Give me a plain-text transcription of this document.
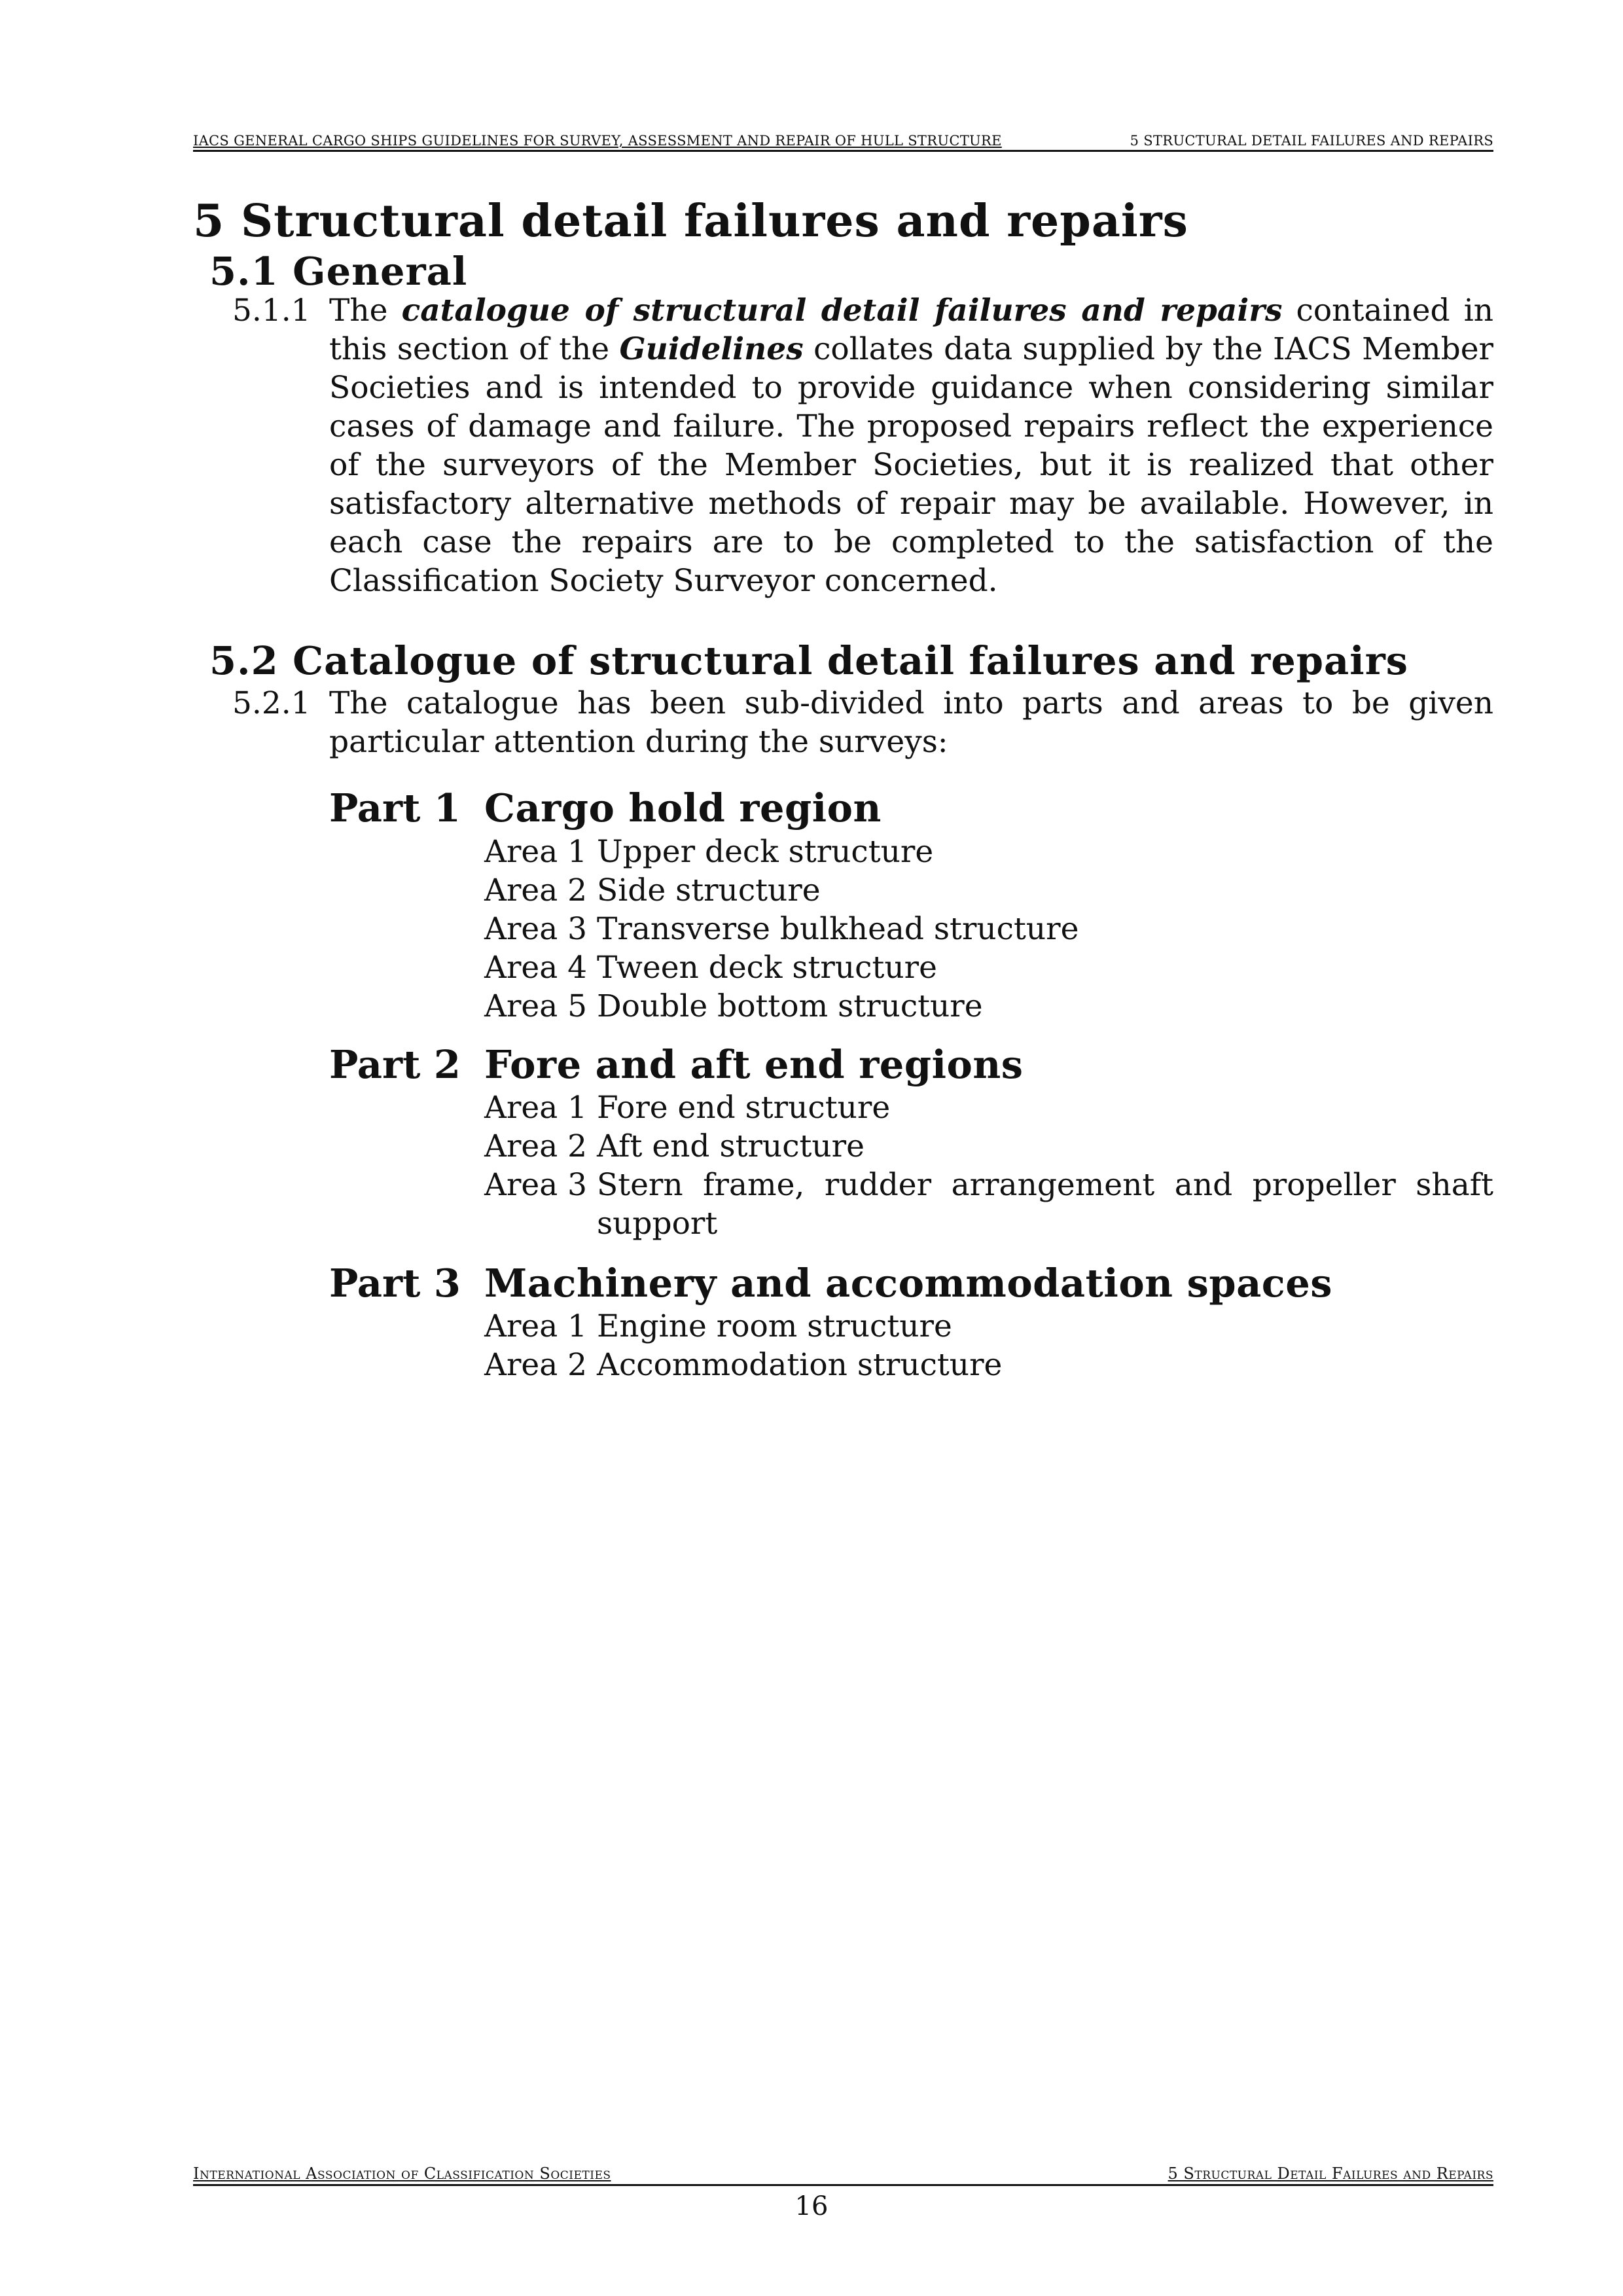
IACS GENERAL CARGO SHIPS GUIDELINES FOR SURVEY, ASSESSMENT AND REPAIR OF HULL STRUCTURE	5 STRUCTURAL DETAIL FAILURES AND REPAIRS
5 Structural detail failures and repairs
5.1 General
5.1.1 The catalogue of structural detail failures and repairs contained in this section of the Guidelines collates data supplied by the IACS Member Societies and is intended to provide guidance when considering similar cases of damage and failure. The proposed repairs reflect the experience of the surveyors of the Member Societies, but it is realized that other satisfactory alternative methods of repair may be available. However, in each case the repairs are to be completed to the satisfaction of the Classification Society Surveyor concerned.

5.2 Catalogue of structural detail failures and repairs
5.2.1 The catalogue has been sub-divided into parts and areas to be given particular attention during the surveys:

Part 1 Cargo hold region
Area 1 Upper deck structure
Area 2 Side structure
Area 3 Transverse bulkhead structure
Area 4 Tween deck structure
Area 5 Double bottom structure
Part 2 Fore and aft end regions
Area 1 Fore end structure
Area 2 Aft end structure
Area 3 Stern frame, rudder arrangement and propeller shaft support
Part 3 Machinery and accommodation spaces
Area 1 Engine room structure
Area 2 Accommodation structure
International Association of Classification Societies	5 Structural Detail Failures and Repairs
16
